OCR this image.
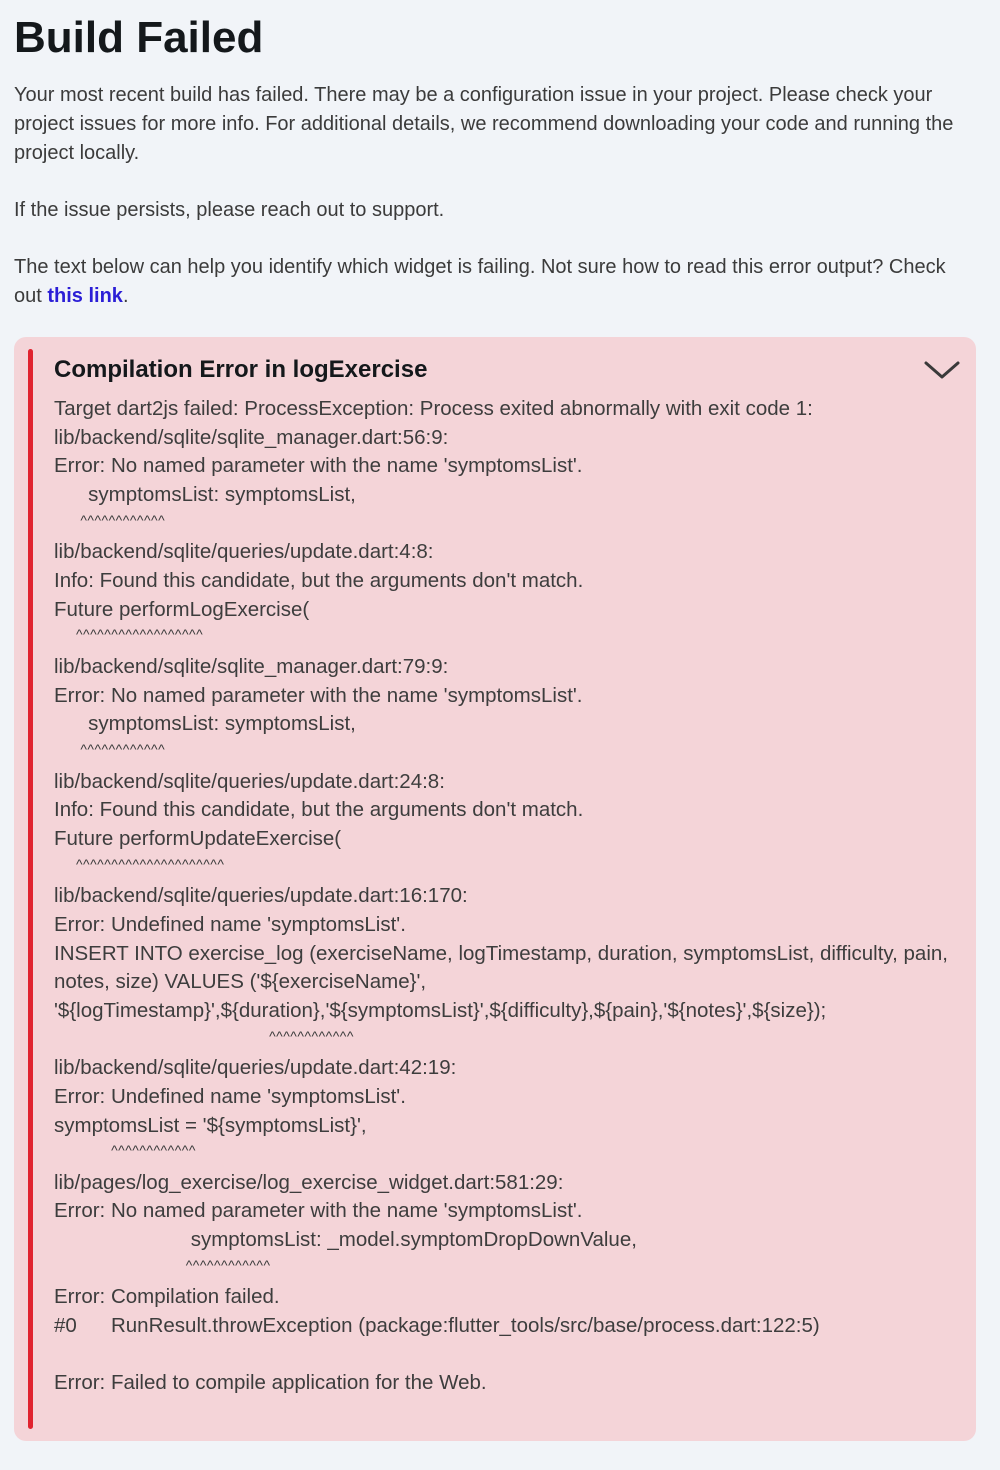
Build Failed

Your most recent build has failed. There may be a configuration issue in your project. Please check your project issues for more info. For additional details, we recommend downloading your code and running the project locally.

If the issue persists, please reach out to support.

The text below can help you identify which widget is failing. Not sure how to read this error output? Check out this link.

Compilation Error in logExercise
Target dart2js failed: ProcessException: Process exited abnormally with exit code 1:
lib/backend/sqlite/sqlite_manager.dart:56:9:
Error: No named parameter with the name 'symptomsList'.
symptomsList: symptomsList,
^^^^^^^^^^^^
lib/backend/sqlite/queries/update.dart:4:8:
Info: Found this candidate, but the arguments don't match.
Future performLogExercise(
^^^^^^^^^^^^^^^^^^
lib/backend/sqlite/sqlite_manager.dart:79:9:
Error: No named parameter with the name 'symptomsList'.
symptomsList: symptomsList,
^^^^^^^^^^^^
lib/backend/sqlite/queries/update.dart:24:8:
Info: Found this candidate, but the arguments don't match.
Future performUpdateExercise(
^^^^^^^^^^^^^^^^^^^^^
lib/backend/sqlite/queries/update.dart:16:170:
Error: Undefined name 'symptomsList'.
INSERT INTO exercise_log (exerciseName, logTimestamp, duration, symptomsList, difficulty, pain, notes, size) VALUES ('${exerciseName}', '${logTimestamp}',${duration},'${symptomsList}',${difficulty},${pain},'${notes}',${size});
^^^^^^^^^^^^
lib/backend/sqlite/queries/update.dart:42:19:
Error: Undefined name 'symptomsList'.
symptomsList = '${symptomsList}',
^^^^^^^^^^^^
lib/pages/log_exercise/log_exercise_widget.dart:581:29:
Error: No named parameter with the name 'symptomsList'.
symptomsList: _model.symptomDropDownValue,
^^^^^^^^^^^^
Error: Compilation failed.
#0      RunResult.throwException (package:flutter_tools/src/base/process.dart:122:5)
Error: Failed to compile application for the Web.
